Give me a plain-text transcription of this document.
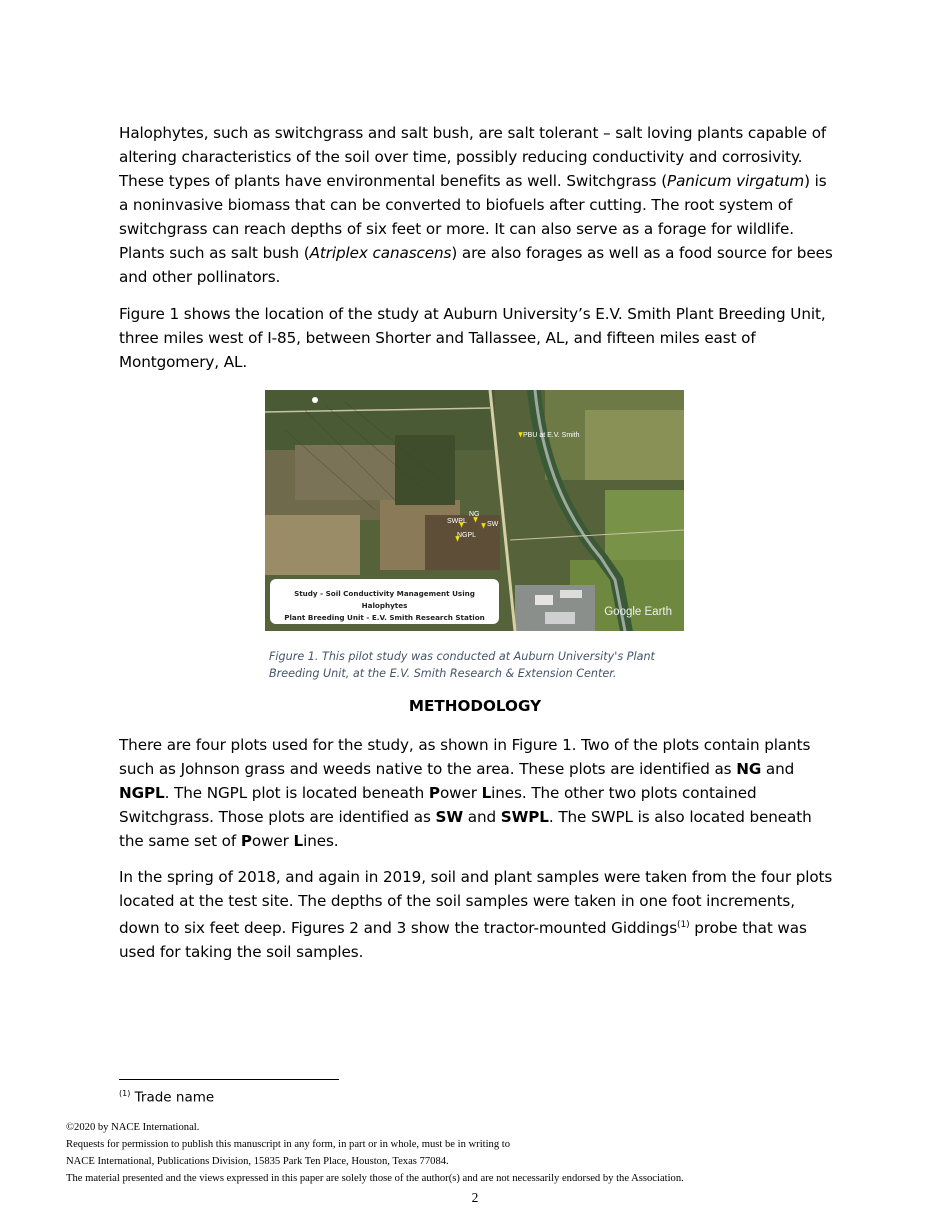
Halophytes, such as switchgrass and salt bush, are salt tolerant – salt loving plants capable of altering characteristics of the soil over time, possibly reducing conductivity and corrosivity. These types of plants have environmental benefits as well. Switchgrass (Panicum virgatum) is a noninvasive biomass that can be converted to biofuels after cutting. The root system of switchgrass can reach depths of six feet or more. It can also serve as a forage for wildlife. Plants such as salt bush (Atriplex canascens) are also forages as well as a food source for bees and other pollinators.

Figure 1 shows the location of the study at Auburn University’s E.V. Smith Plant Breeding Unit, three miles west of I-85, between Shorter and Tallassee, AL, and fifteen miles east of Montgomery, AL.

PBU at E.V. Smith
NG
SWPL	SW
NGPL
Study - Soil Conductivity Management Using Halophytes
Plant Breeding Unit - E.V. Smith Research Station	Google Earth

Figure 1. This pilot study was conducted at Auburn University's Plant
Breeding Unit, at the E.V. Smith Research & Extension Center.

METHODOLOGY

There are four plots used for the study, as shown in Figure 1. Two of the plots contain plants such as Johnson grass and weeds native to the area. These plots are identified as NG and NGPL. The NGPL plot is located beneath Power Lines. The other two plots contained Switchgrass. Those plots are identified as SW and SWPL. The SWPL is also located beneath the same set of Power Lines.

In the spring of 2018, and again in 2019, soil and plant samples were taken from the four plots located at the test site. The depths of the soil samples were taken in one foot increments, down to six feet deep. Figures 2 and 3 show the tractor-mounted Giddings$^{(1)}$ probe that was used for taking the soil samples.

$^{(1)}$ Trade name

©2020 by NACE International.
Requests for permission to publish this manuscript in any form, in part or in whole, must be in writing to
NACE International, Publications Division, 15835 Park Ten Place, Houston, Texas 77084.
The material presented and the views expressed in this paper are solely those of the author(s) and are not necessarily endorsed by the Association.
2
